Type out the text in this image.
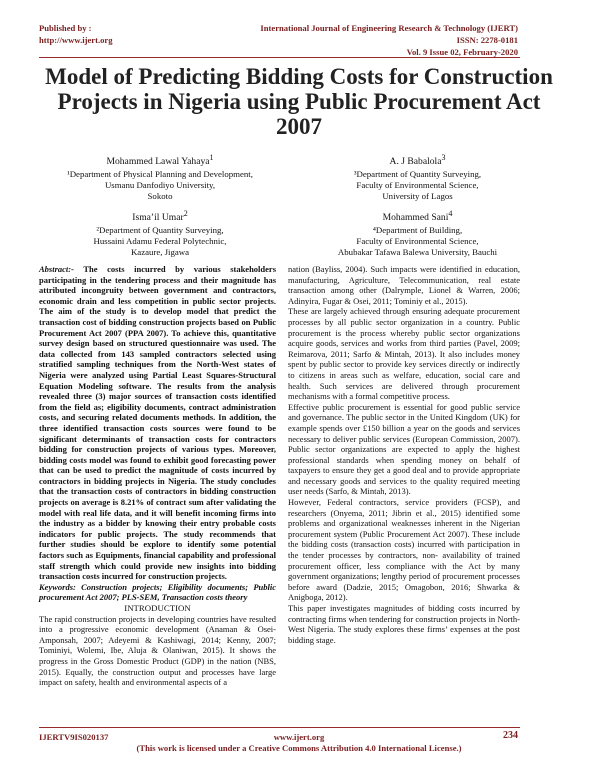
Published by :
http://www.ijert.org
International Journal of Engineering Research & Technology (IJERT)
ISSN: 2278-0181
Vol. 9 Issue 02, February-2020
Model of Predicting Bidding Costs for Construction Projects in Nigeria using Public Procurement Act 2007
Mohammed Lawal Yahaya$^1$
¹Department of Physical Planning and Development,
Usmanu Danfodiyo University,
Sokoto
A. J Babalola$^3$
³Department of Quantity Surveying,
Faculty of Environmental Science,
University of Lagos
Isma’il Umar$^2$
²Department of Quantity Surveying,
Hussaini Adamu Federal Polytechnic,
Kazaure, Jigawa
Mohammed Sani$^4$
⁴Department of Building,
Faculty of Environmental Science,
Abubakar Tafawa Balewa University, Bauchi

Abstract:- The costs incurred by various stakeholders participating in the tendering process and their magnitude has attributed incongruity between government and contractors, economic drain and less competition in public sector projects. The aim of the study is to develop model that predict the transaction cost of bidding construction projects based on Public Procurement Act 2007 (PPA 2007). To achieve this, quantitative survey design based on structured questionnaire was used. The data collected from 143 sampled contractors selected using stratified sampling techniques from the North-West states of Nigeria were analyzed using Partial Least Squares-Structural Equation Modeling software. The results from the analysis revealed three (3) major sources of transaction costs identified from the field as; eligibility documents, contract administration costs, and securing related documents methods. In addition, the three identified transaction costs sources were found to be significant determinants of transaction costs for contractors bidding for construction projects of various types. Moreover, bidding costs model was found to exhibit good forecasting power that can be used to predict the magnitude of costs incurred by contractors in bidding projects in Nigeria. The study concludes that the transaction costs of contractors in bidding construction projects on average is 8.21% of contract sum after validating the model with real life data, and it will benefit incoming firms into the industry as a bidder by knowing their entry probable costs indicators for public projects. The study recommends that further studies should be explore to identify some potential factors such as Equipments, financial capability and professional staff strength which could provide new insights into bidding transaction costs incurred for construction projects.

Keywords: Construction projects; Eligibility documents; Public procurement Act 2007; PLS-SEM, Transaction costs theory

INTRODUCTION

The rapid construction projects in developing countries have resulted into a progressive economic development (Anaman & Osei-Amponsah, 2007; Adeyemi & Kashiwagi, 2014; Kenny, 2007; Tominiyi, Wolemi, Ibe, Aluja & Olaniwan, 2015). It shows the progress in the Gross Domestic Product (GDP) in the nation (NBS, 2015). Equally, the construction output and processes have large impact on safety, health and environmental aspects of a

nation (Bayliss, 2004). Such impacts were identified in education, manufacturing, Agriculture, Telecommunication, real estate transaction among other (Dalrymple, Lionel & Warren, 2006; Adinyira, Fugar & Osei, 2011; Tominiy et al., 2015).

These are largely achieved through ensuring adequate procurement processes by all public sector organization in a country. Public procurement is the process whereby public sector organizations acquire goods, services and works from third parties (Pavel, 2009; Reimarova, 2011; Sarfo & Mintah, 2013). It also includes money spent by public sector to provide key services directly or indirectly to citizens in areas such as welfare, education, social care and health. Such services are delivered through procurement mechanisms with a formal competitive process.

Effective public procurement is essential for good public service and governance. The public sector in the United Kingdom (UK) for example spends over £150 billion a year on the goods and services necessary to deliver public services (European Commission, 2007). Public sector organizations are expected to apply the highest professional standards when spending money on behalf of taxpayers to ensure they get a good deal and to provide appropriate and necessary goods and services to the quality required meeting user needs (Sarfo, & Mintah, 2013).

However, Federal contractors, service providers (FCSP), and researchers (Onyema, 2011; Jibrin et al., 2015) identified some problems and organizational weaknesses inherent in the Nigerian procurement system (Public Procurement Act 2007). These include the bidding costs (transaction costs) incurred with participation in the tender processes by contractors, non- availability of trained procurement officer, less compliance with the Act by many government organizations; lengthy period of procurement processes before award (Dadzie, 2015; Omagobon, 2016; Shwarka & Anigboga, 2012).

This paper investigates magnitudes of bidding costs incurred by contracting firms when tendering for construction projects in North-West Nigeria. The study explores these firms’ expenses at the post bidding stage.

IJERTV9IS020137	www.ijert.org
(This work is licensed under a Creative Commons Attribution 4.0 International License.)
234
